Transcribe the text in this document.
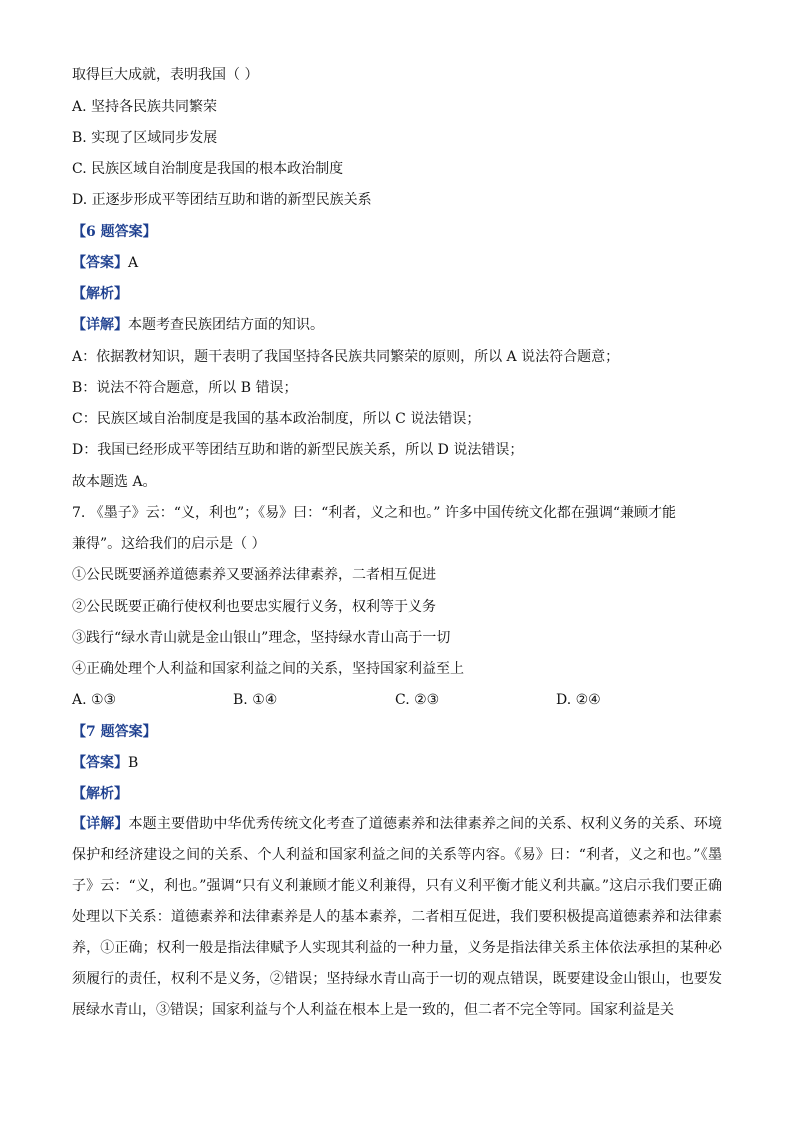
取得巨大成就，表明我国（ ）
A. 坚持各民族共同繁荣
B. 实现了区域同步发展
C. 民族区域自治制度是我国的根本政治制度
D. 正逐步形成平等团结互助和谐的新型民族关系
【6 题答案】
【答案】A
【解析】
【详解】本题考查民族团结方面的知识。
A：依据教材知识，题干表明了我国坚持各民族共同繁荣的原则，所以 A 说法符合题意；
B：说法不符合题意，所以 B 错误；
C：民族区域自治制度是我国的基本政治制度，所以 C 说法错误；
D：我国已经形成平等团结互助和谐的新型民族关系，所以 D 说法错误；
故本题选 A。
7. 《墨子》云：“义，利也”；《易》曰：“利者，义之和也。” 许多中国传统文化都在强调“兼顾才能
兼得”。这给我们的启示是（ ）
①公民既要涵养道德素养又要涵养法律素养，二者相互促进
②公民既要正确行使权利也要忠实履行义务，权利等于义务
③践行“绿水青山就是金山银山”理念，坚持绿水青山高于一切
④正确处理个人利益和国家利益之间的关系，坚持国家利益至上
A. ①③	B. ①④	C. ②③	D. ②④
【7 题答案】
【答案】B
【解析】
【详解】本题主要借助中华优秀传统文化考查了道德素养和法律素养之间的关系、权利义务的关系、环境保护和经济建设之间的关系、个人利益和国家利益之间的关系等内容。《易》曰：“利者，义之和也。”《墨子》云：“义，利也。”强调“只有义利兼顾才能义利兼得，只有义利平衡才能义利共赢。”这启示我们要正确处理以下关系：道德素养和法律素养是人的基本素养，二者相互促进，我们要积极提高道德素养和法律素养，①正确；权利一般是指法律赋予人实现其利益的一种力量，义务是指法律关系主体依法承担的某种必须履行的责任，权利不是义务，②错误；坚持绿水青山高于一切的观点错误，既要建设金山银山，也要发展绿水青山，③错误；国家利益与个人利益在根本上是一致的，但二者不完全等同。国家利益是关
